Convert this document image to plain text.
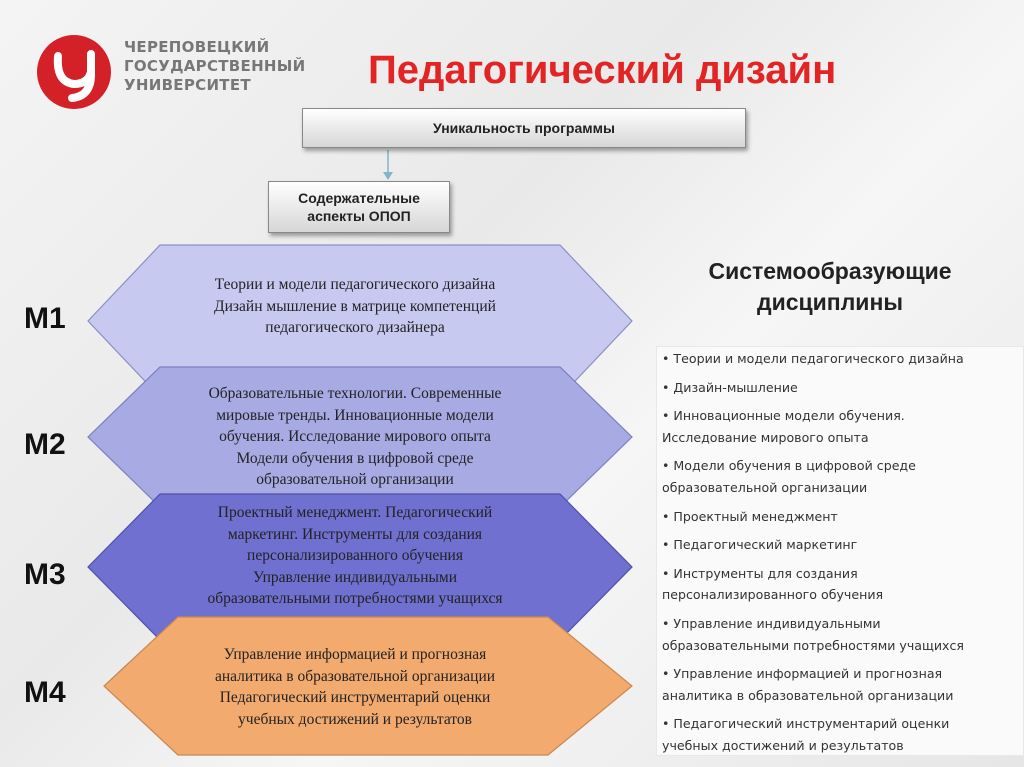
ЧЕРЕПОВЕЦКИЙ
ГОСУДАРСТВЕННЫЙ
УНИВЕРСИТЕТ	Педагогический дизайн
Уникальность программы
Содержательные
аспекты ОПОП
Теории и модели педагогического дизайна
Дизайн мышление в матрице компетенций
педагогического дизайнера
Образовательные технологии. Современные
мировые тренды. Инновационные модели
обучения. Исследование мирового опыта
Модели обучения в цифровой среде
образовательной организации
Проектный менеджмент. Педагогический
маркетинг. Инструменты для создания
персонализированного обучения
Управление индивидуальными
образовательными потребностями учащихся
Управление информацией и прогнозная
аналитика в образовательной организации
Педагогический инструментарий оценки
учебных достижений и результатов
М1
М2
М3
М4
Системообразующие
дисциплины
• Теории и модели педагогического дизайна
• Дизайн-мышление
• Инновационные модели обучения.
Исследование мирового опыта
• Модели обучения в цифровой среде
образовательной организации
• Проектный менеджмент
• Педагогический маркетинг
• Инструменты для создания
персонализированного обучения
• Управление индивидуальными
образовательными потребностями учащихся
• Управление информацией и прогнозная
аналитика в образовательной организации
• Педагогический инструментарий оценки
учебных достижений и результатов
